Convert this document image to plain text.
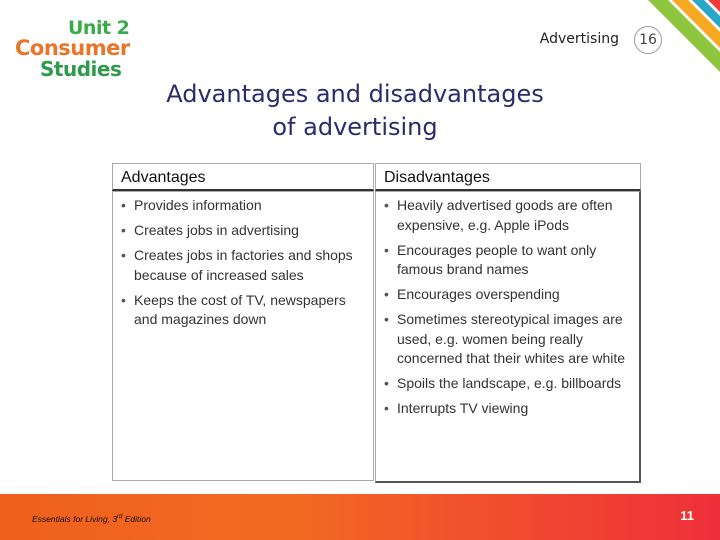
Unit 2
Consumer
Studies
Advertising	16
Advantages and disadvantages
of advertising
Advantages
• Provides information
• Creates jobs in advertising
• Creates jobs in factories and shops because of increased sales
• Keeps the cost of TV, newspapers and magazines down
Disadvantages
• Heavily advertised goods are often expensive, e.g. Apple iPods
• Encourages people to want only famous brand names
• Encourages overspending
• Sometimes stereotypical images are used, e.g. women being really concerned that their whites are white
• Spoils the landscape, e.g. billboards
• Interrupts TV viewing
Essentials for Living, 3rd Edition	11
